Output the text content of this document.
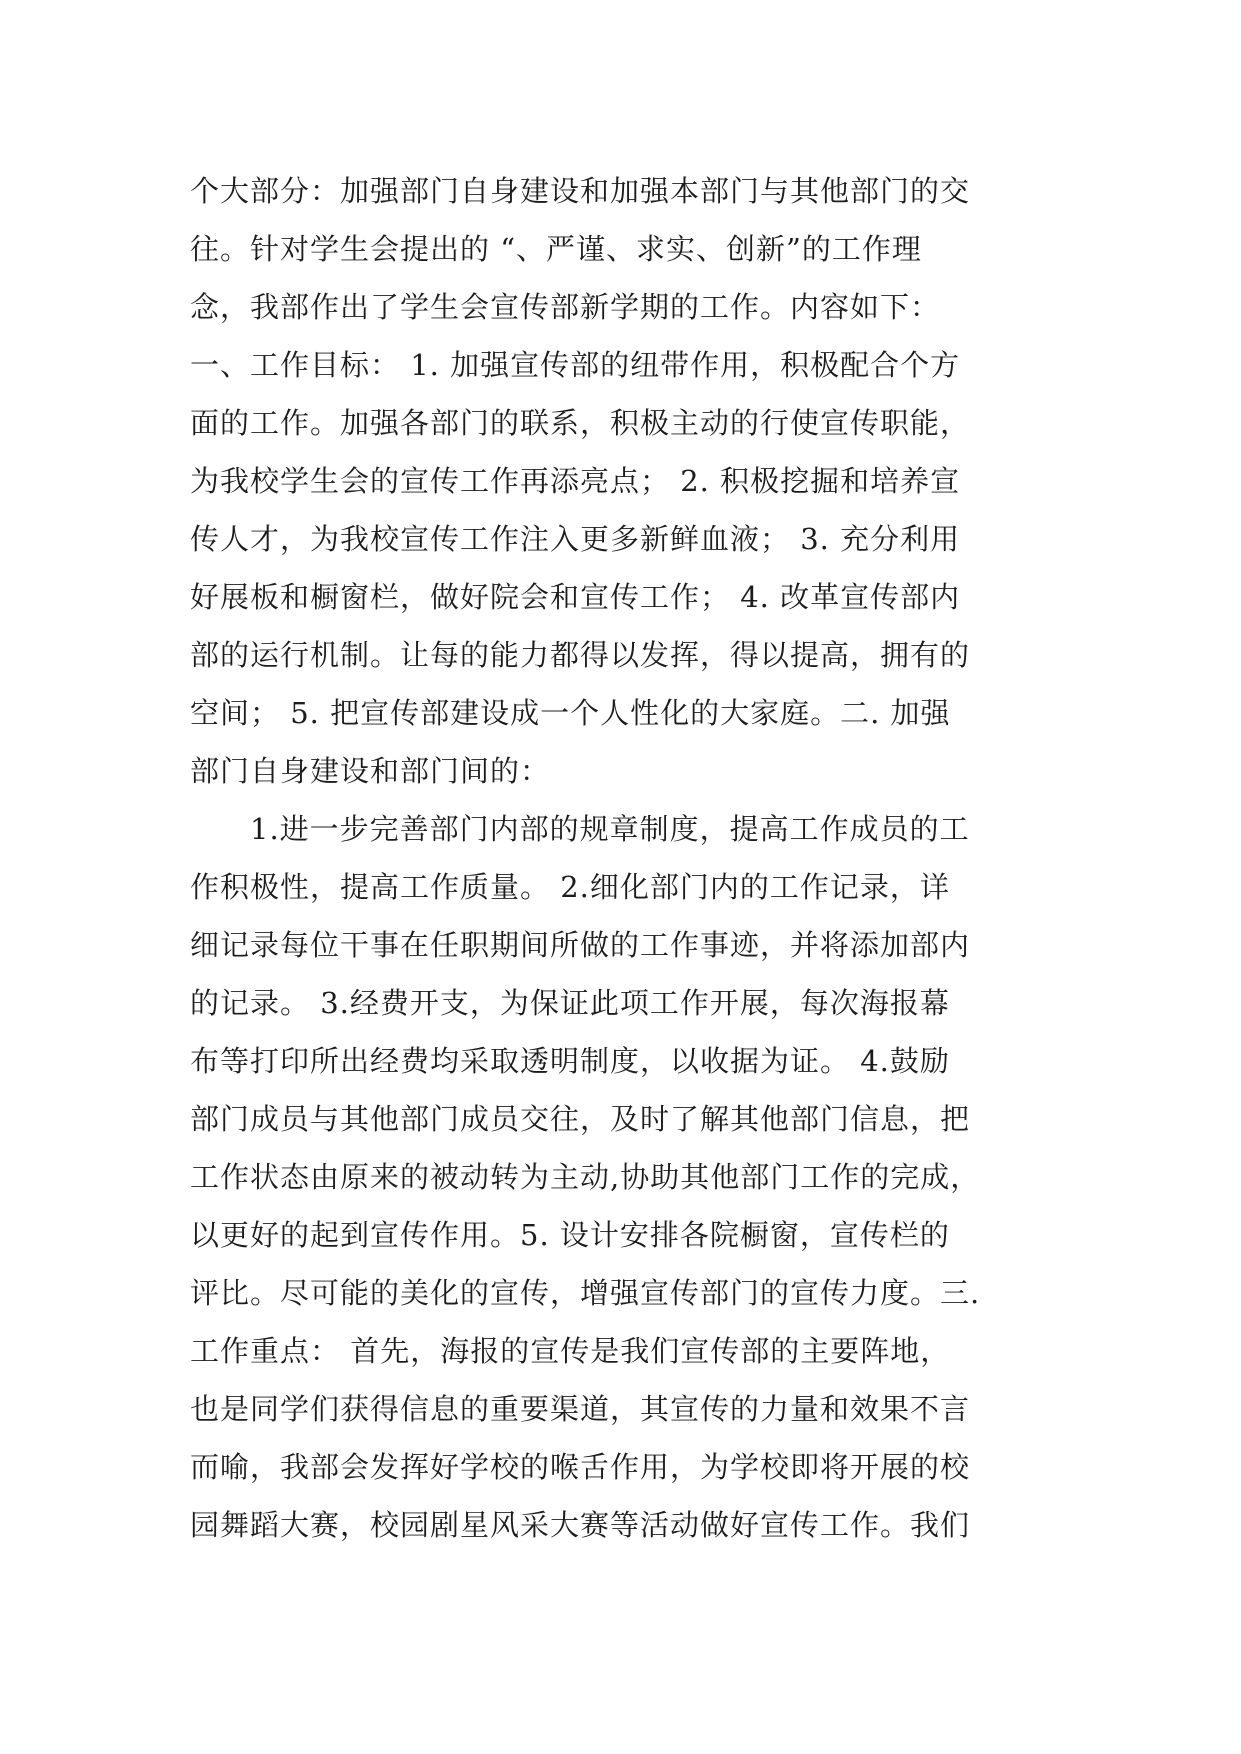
个大部分：加强部门自身建设和加强本部门与其他部门的交
往。针对学生会提出的 “、严谨、求实、创新”的工作理
念，我部作出了学生会宣传部新学期的工作。内容如下：
一、工作目标： 1. 加强宣传部的纽带作用，积极配合个方
面的工作。加强各部门的联系，积极主动的行使宣传职能，
为我校学生会的宣传工作再添亮点； 2. 积极挖掘和培养宣
传人才，为我校宣传工作注入更多新鲜血液； 3. 充分利用
好展板和橱窗栏，做好院会和宣传工作； 4. 改革宣传部内
部的运行机制。让每的能力都得以发挥，得以提高，拥有的
空间； 5. 把宣传部建设成一个人性化的大家庭。二. 加强
部门自身建设和部门间的：
　　1.进一步完善部门内部的规章制度，提高工作成员的工
作积极性，提高工作质量。 2.细化部门内的工作记录，详
细记录每位干事在任职期间所做的工作事迹，并将添加部内
的记录。 3.经费开支，为保证此项工作开展，每次海报幕
布等打印所出经费均采取透明制度，以收据为证。 4.鼓励
部门成员与其他部门成员交往，及时了解其他部门信息，把
工作状态由原来的被动转为主动,协助其他部门工作的完成，
以更好的起到宣传作用。5. 设计安排各院橱窗，宣传栏的
评比。尽可能的美化的宣传，增强宣传部门的宣传力度。三.
工作重点： 首先，海报的宣传是我们宣传部的主要阵地，
也是同学们获得信息的重要渠道，其宣传的力量和效果不言
而喻，我部会发挥好学校的喉舌作用，为学校即将开展的校
园舞蹈大赛，校园剧星风采大赛等活动做好宣传工作。我们
